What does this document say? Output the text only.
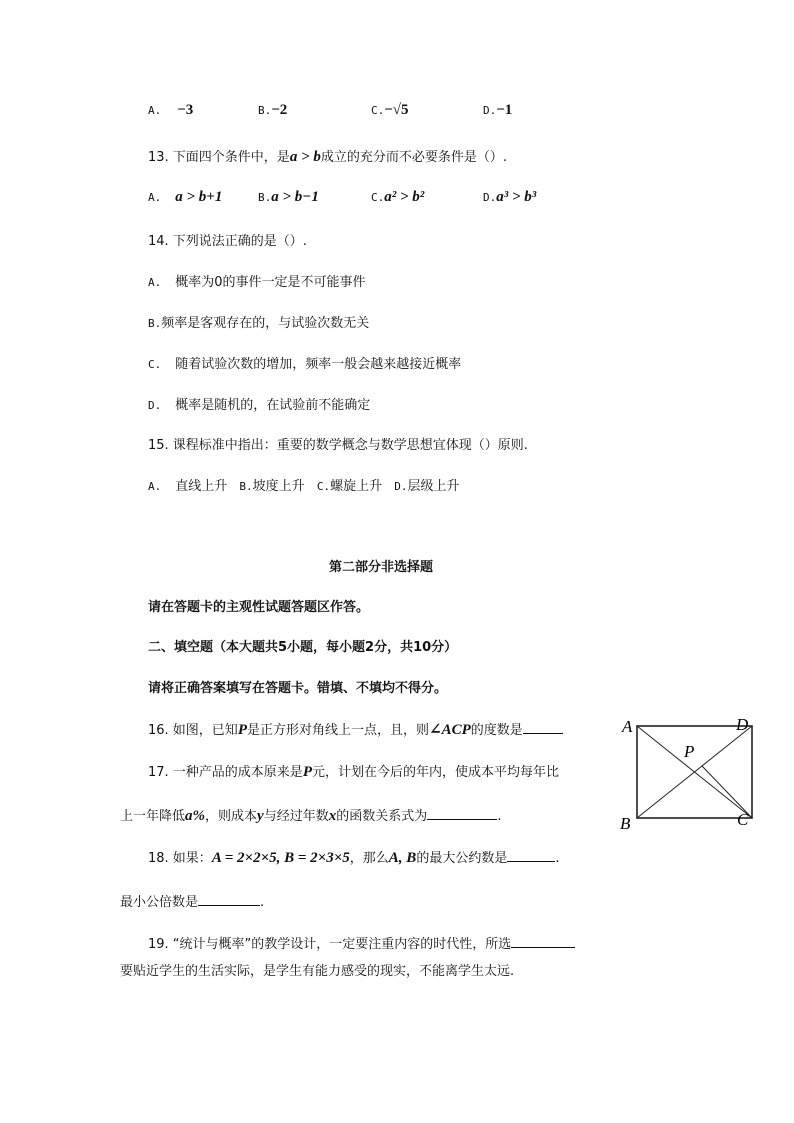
A. −3	B.−2	C.−√5	D.−1
13. 下面四个条件中，是a > b成立的充分而不必要条件是（）.
A. a > b+1	B.a > b−1	C.a² > b²	D.a³ > b³
14. 下列说法正确的是（）.
A. 概率为0的事件一定是不可能事件
B.频率是客观存在的，与试验次数无关
C. 随着试验次数的增加，频率一般会越来越接近概率
D. 概率是随机的，在试验前不能确定
15. 课程标准中指出：重要的数学概念与数学思想宜体现（）原则.
A. 直线上升 B.坡度上升 C.螺旋上升 D.层级上升
第二部分非选择题
请在答题卡的主观性试题答题区作答。
二、填空题（本大题共5小题，每小题2分，共10分）
请将正确答案填写在答题卡。错填、不填均不得分。
16. 如图，已知P是正方形对角线上一点，且，则∠ACP的度数是
17. 一种产品的成本原来是P元，计划在今后的年内，使成本平均每年比
上一年降低a%，则成本y与经过年数x的函数关系式为	.
18. 如果：A = 2×2×5, B = 2×3×5，那么A, B的最大公约数是	.
最小公倍数是	.
19. “统计与概率”的教学设计，一定要注重内容的时代性，所选
要贴近学生的生活实际，是学生有能力感受的现实，不能离学生太远.
A	D
B	C
P
